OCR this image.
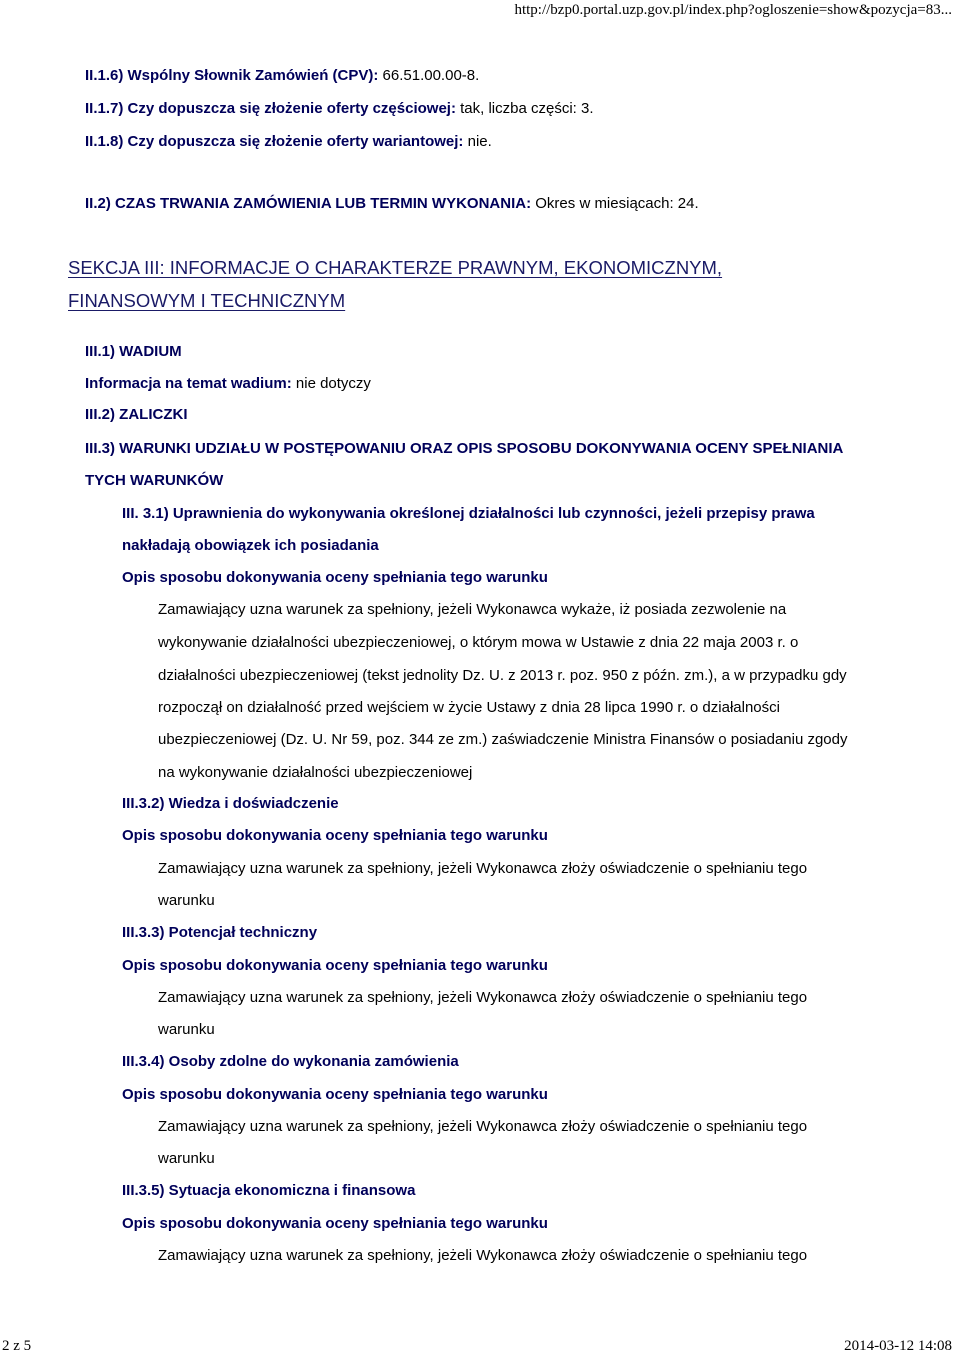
http://bzp0.portal.uzp.gov.pl/index.php?ogloszenie=show&pozycja=83...
II.1.6) Wspólny Słownik Zamówień (CPV): 66.51.00.00-8.
II.1.7) Czy dopuszcza się złożenie oferty częściowej: tak, liczba części: 3.
II.1.8) Czy dopuszcza się złożenie oferty wariantowej: nie.
II.2) CZAS TRWANIA ZAMÓWIENIA LUB TERMIN WYKONANIA: Okres w miesiącach: 24.
SEKCJA III: INFORMACJE O CHARAKTERZE PRAWNYM, EKONOMICZNYM,
FINANSOWYM I TECHNICZNYM
III.1) WADIUM
Informacja na temat wadium: nie dotyczy
III.2) ZALICZKI
III.3) WARUNKI UDZIAŁU W POSTĘPOWANIU ORAZ OPIS SPOSOBU DOKONYWANIA OCENY SPEŁNIANIA
TYCH WARUNKÓW
III. 3.1) Uprawnienia do wykonywania określonej działalności lub czynności, jeżeli przepisy prawa
nakładają obowiązek ich posiadania
Opis sposobu dokonywania oceny spełniania tego warunku
Zamawiający uzna warunek za spełniony, jeżeli Wykonawca wykaże, iż posiada zezwolenie na
wykonywanie działalności ubezpieczeniowej, o którym mowa w Ustawie z dnia 22 maja 2003 r. o
działalności ubezpieczeniowej (tekst jednolity Dz. U. z 2013 r. poz. 950 z późn. zm.), a w przypadku gdy
rozpoczął on działalność przed wejściem w życie Ustawy z dnia 28 lipca 1990 r. o działalności
ubezpieczeniowej (Dz. U. Nr 59, poz. 344 ze zm.) zaświadczenie Ministra Finansów o posiadaniu zgody
na wykonywanie działalności ubezpieczeniowej
III.3.2) Wiedza i doświadczenie
Opis sposobu dokonywania oceny spełniania tego warunku
Zamawiający uzna warunek za spełniony, jeżeli Wykonawca złoży oświadczenie o spełnianiu tego
warunku
III.3.3) Potencjał techniczny
Opis sposobu dokonywania oceny spełniania tego warunku
Zamawiający uzna warunek za spełniony, jeżeli Wykonawca złoży oświadczenie o spełnianiu tego
warunku
III.3.4) Osoby zdolne do wykonania zamówienia
Opis sposobu dokonywania oceny spełniania tego warunku
Zamawiający uzna warunek za spełniony, jeżeli Wykonawca złoży oświadczenie o spełnianiu tego
warunku
III.3.5) Sytuacja ekonomiczna i finansowa
Opis sposobu dokonywania oceny spełniania tego warunku
Zamawiający uzna warunek za spełniony, jeżeli Wykonawca złoży oświadczenie o spełnianiu tego
2 z 5	2014-03-12 14:08
